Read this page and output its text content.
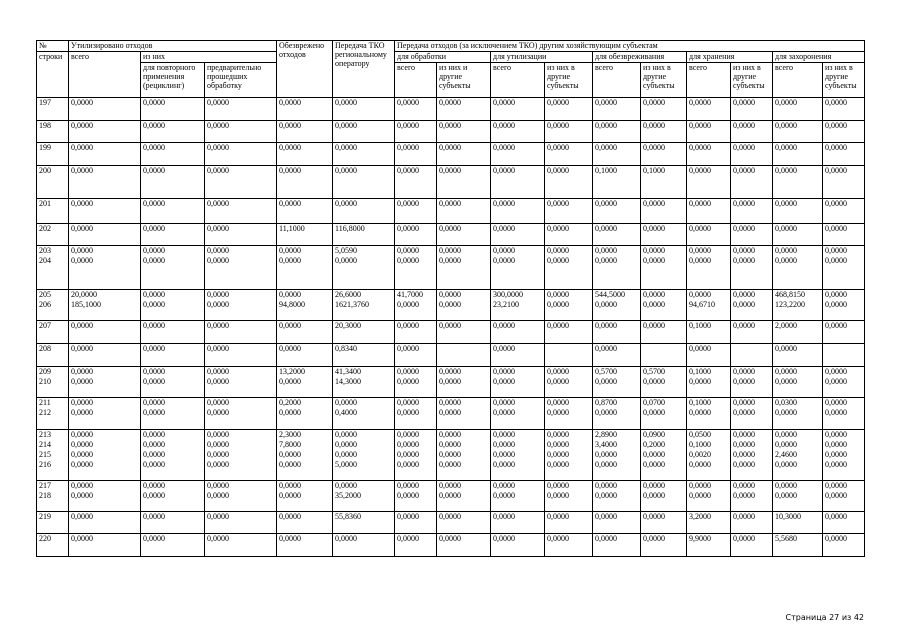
№	Утилизировано отходов			Обезврежено отходов	Передача ТКО региональному оператору	Передача отходов (за исключением ТКО) другим хозяйствующим субъектам									
строки	всего	из них				для обработки		для утилизации		для обезвреживания		для хранения		для захоронения	
		для повторного применения (рециклинг)	предварительно прошедших обработку			всего	из них и другие субъекты	всего	из них в другие субъекты	всего	из них в другие субъекты	всего	из них в другие субъекты	всего	из них в другие субъекты
197	0,0000	0,0000	0,0000	0,0000	0,0000	0,0000	0,0000	0,0000	0,0000	0,0000	0,0000	0,0000	0,0000	0,0000	0,0000
198	0,0000	0,0000	0,0000	0,0000	0,0000	0,0000	0,0000	0,0000	0,0000	0,0000	0,0000	0,0000	0,0000	0,0000	0,0000
199	0,0000	0,0000	0,0000	0,0000	0,0000	0,0000	0,0000	0,0000	0,0000	0,0000	0,0000	0,0000	0,0000	0,0000	0,0000
200	0,0000	0,0000	0,0000	0,0000	0,0000	0,0000	0,0000	0,0000	0,0000	0,1000	0,1000	0,0000	0,0000	0,0000	0,0000
201	0,0000	0,0000	0,0000	0,0000	0,0000	0,0000	0,0000	0,0000	0,0000	0,0000	0,0000	0,0000	0,0000	0,0000	0,0000
202	0,0000	0,0000	0,0000	11,1000	116,8000	0,0000	0,0000	0,0000	0,0000	0,0000	0,0000	0,0000	0,0000	0,0000	0,0000
203	0,0000	0,0000	0,0000	0,0000	5,0590	0,0000	0,0000	0,0000	0,0000	0,0000	0,0000	0,0000	0,0000	0,0000	0,0000
204	0,0000	0,0000	0,0000	0,0000	0,0000	0,0000	0,0000	0,0000	0,0000	0,0000	0,0000	0,0000	0,0000	0,0000	0,0000
205	20,0000	0,0000	0,0000	0,0000	26,6000	41,7000	0,0000	300,0000	0,0000	544,5000	0,0000	0,0000	0,0000	468,8150	0,0000
206	185,1000	0,0000	0,0000	94,8000	1621,3760	0,0000	0,0000	23,2100	0,0000	0,0000	0,0000	94,6710	0,0000	123,2200	0,0000
207	0,0000	0,0000	0,0000	0,0000	20,3000	0,0000	0,0000	0,0000	0,0000	0,0000	0,0000	0,1000	0,0000	2,0000	0,0000
208	0,0000	0,0000	0,0000	0,0000	0,8340	0,0000		0,0000		0,0000		0,0000		0,0000	
209	0,0000	0,0000	0,0000	13,2000	41,3400	0,0000	0,0000	0,0000	0,0000	0,5700	0,5700	0,1000	0,0000	0,0000	0,0000
210	0,0000	0,0000	0,0000	0,0000	14,3000	0,0000	0,0000	0,0000	0,0000	0,0000	0,0000	0,0000	0,0000	0,0000	0,0000
211	0,0000	0,0000	0,0000	0,2000	0,0000	0,0000	0,0000	0,0000	0,0000	0,8700	0,0700	0,1000	0,0000	0,0300	0,0000
212	0,0000	0,0000	0,0000	0,0000	0,4000	0,0000	0,0000	0,0000	0,0000	0,0000	0,0000	0,0000	0,0000	0,0000	0,0000
213	0,0000	0,0000	0,0000	2,3000	0,0000	0,0000	0,0000	0,0000	0,0000	2,8900	0,0900	0,0500	0,0000	0,0000	0,0000
214	0,0000	0,0000	0,0000	7,8000	0,0000	0,0000	0,0000	0,0000	0,0000	3,4000	0,2000	0,1000	0,0000	0,0000	0,0000
215	0,0000	0,0000	0,0000	0,0000	0,0000	0,0000	0,0000	0,0000	0,0000	0,0000	0,0000	0,0020	0,0000	2,4600	0,0000
216	0,0000	0,0000	0,0000	0,0000	5,0000	0,0000	0,0000	0,0000	0,0000	0,0000	0,0000	0,0000	0,0000	0,0000	0,0000
217	0,0000	0,0000	0,0000	0,0000	0,0000	0,0000	0,0000	0,0000	0,0000	0,0000	0,0000	0,0000	0,0000	0,0000	0,0000
218	0,0000	0,0000	0,0000	0,0000	35,2000	0,0000	0,0000	0,0000	0,0000	0,0000	0,0000	0,0000	0,0000	0,0000	0,0000
219	0,0000	0,0000	0,0000	0,0000	55,8360	0,0000	0,0000	0,0000	0,0000	0,0000	0,0000	3,2000	0,0000	10,3000	0,0000
220	0,0000	0,0000	0,0000	0,0000	0,0000	0,0000	0,0000	0,0000	0,0000	0,0000	0,0000	9,9000	0,0000	5,5680	0,0000
Страница 27 из 42
